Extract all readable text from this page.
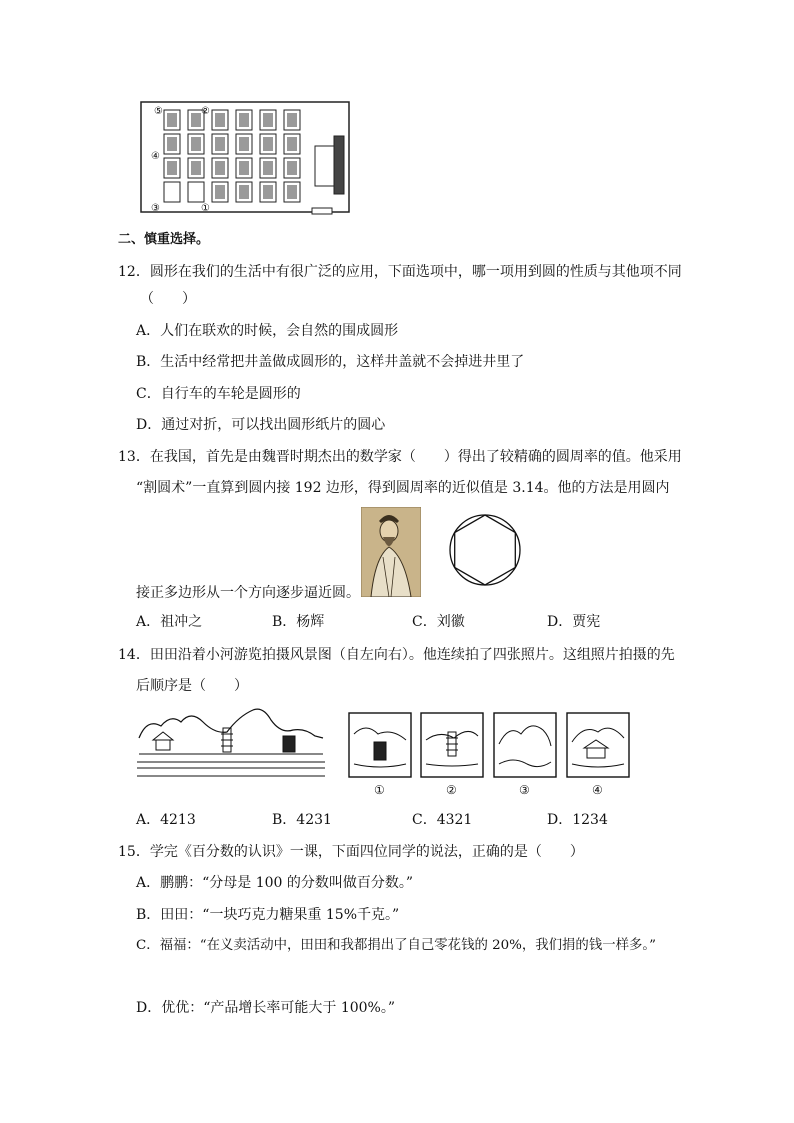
⑤	②
④
③	①
二、慎重选择。
12．圆形在我们的生活中有很广泛的应用，下面选项中，哪一项用到圆的性质与其他项不同
（　　）
A．人们在联欢的时候，会自然的围成圆形
B．生活中经常把井盖做成圆形的，这样井盖就不会掉进井里了
C．自行车的车轮是圆形的
D．通过对折，可以找出圆形纸片的圆心
13．在我国，首先是由魏晋时期杰出的数学家（　　）得出了较精确的圆周率的值。他采用
“割圆术”一直算到圆内接 192 边形，得到圆周率的近似值是 3.14。他的方法是用圆内
接正多边形从一个方向逐步逼近圆。
A．祖冲之	B．杨辉	C．刘徽	D．贾宪
14．田田沿着小河游览拍摄风景图（自左向右）。他连续拍了四张照片。这组照片拍摄的先
后顺序是（　　）
①	②	③	④
A．4213	B．4231	C．4321	D．1234
15．学完《百分数的认识》一课，下面四位同学的说法，正确的是（　　）
A．鹏鹏：“分母是 100 的分数叫做百分数。”
B．田田：“一块巧克力糖果重 15%千克。”
C．福福：“在义卖活动中，田田和我都捐出了自己零花钱的 20%，我们捐的钱一样多。”
D．优优：“产品增长率可能大于 100%。”
